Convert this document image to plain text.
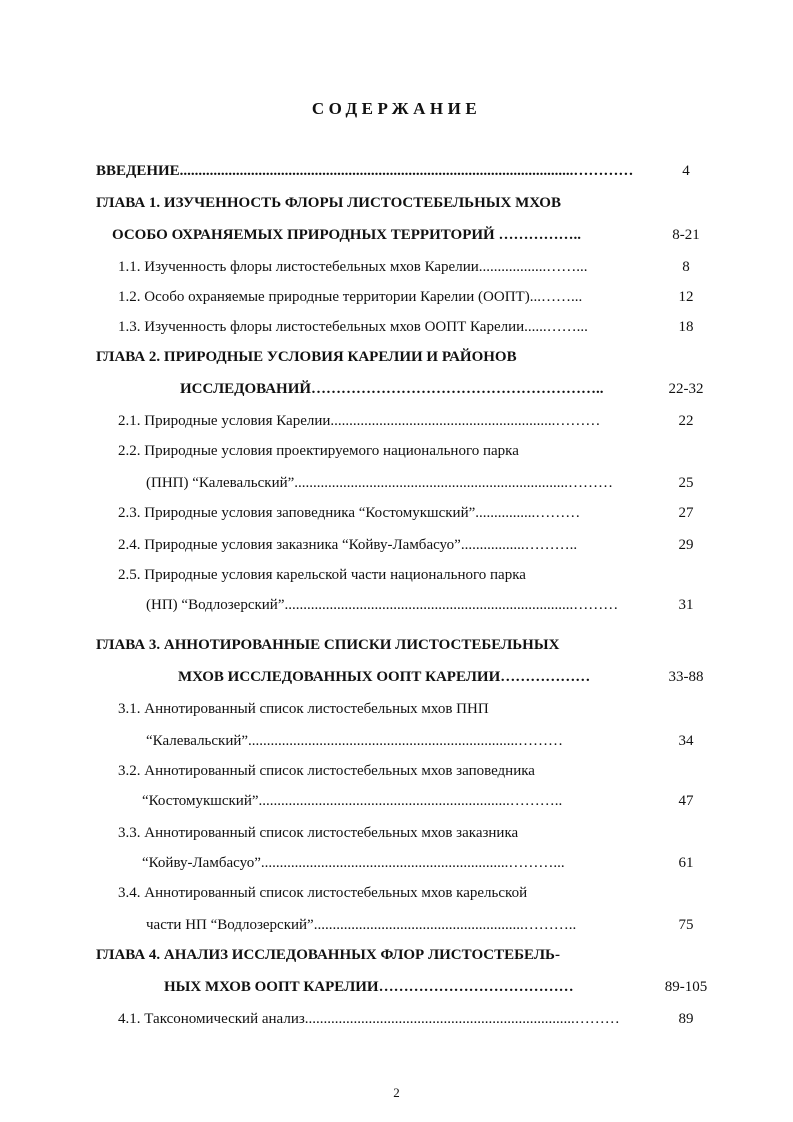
СОДЕРЖАНИЕ
ВВЕДЕНИЕ.........................................................................................................…………	4
ГЛАВА 1. ИЗУЧЕННОСТЬ ФЛОРЫ ЛИСТОСТЕБЕЛЬНЫХ МХОВ
ОСОБО ОХРАНЯЕМЫХ ПРИРОДНЫХ ТЕРРИТОРИЙ ……………..	8-21
1.1. Изученность флоры листостебельных мхов Карелии..................……...	8
1.2. Особо охраняемые природные территории Карелии (ООПТ)...……...	12
1.3. Изученность флоры листостебельных мхов ООПТ Карелии......……...	18
ГЛАВА 2. ПРИРОДНЫЕ УСЛОВИЯ КАРЕЛИИ И РАЙОНОВ
ИССЛЕДОВАНИЙ…………………………………………………..	22-32
2.1. Природные условия Карелии............................................................………	22
2.2. Природные условия проектируемого национального парка
(ПНП) “Калевальский”.........................................................................………	25
2.3. Природные условия заповедника “Костомукшский”................………	27
2.4. Природные условия заказника “Койву-Ламбасуо”.................………..	29
2.5. Природные условия карельской части национального парка
(НП) “Водлозерский”.............................................................................………	31
ГЛАВА 3. АННОТИРОВАННЫЕ СПИСКИ ЛИСТОСТЕБЕЛЬНЫХ
МХОВ ИССЛЕДОВАННЫХ ООПТ КАРЕЛИИ………………	33-88
3.1. Аннотированный список листостебельных мхов ПНП
“Калевальский”........................................................................………	34
3.2. Аннотированный список листостебельных мхов заповедника
“Костомукшский”...................................................................………..	47
3.3. Аннотированный список листостебельных мхов заказника
“Койву-Ламбасуо”..................................................................………...	61
3.4. Аннотированный список листостебельных мхов карельской
части НП “Водлозерский”........................................................………..	75
ГЛАВА 4. АНАЛИЗ ИССЛЕДОВАННЫХ ФЛОР ЛИСТОСТЕБЕЛЬ-
НЫХ МХОВ ООПТ КАРЕЛИИ…………………………………	89-105
4.1. Таксономический анализ........................................................................………	89
2
